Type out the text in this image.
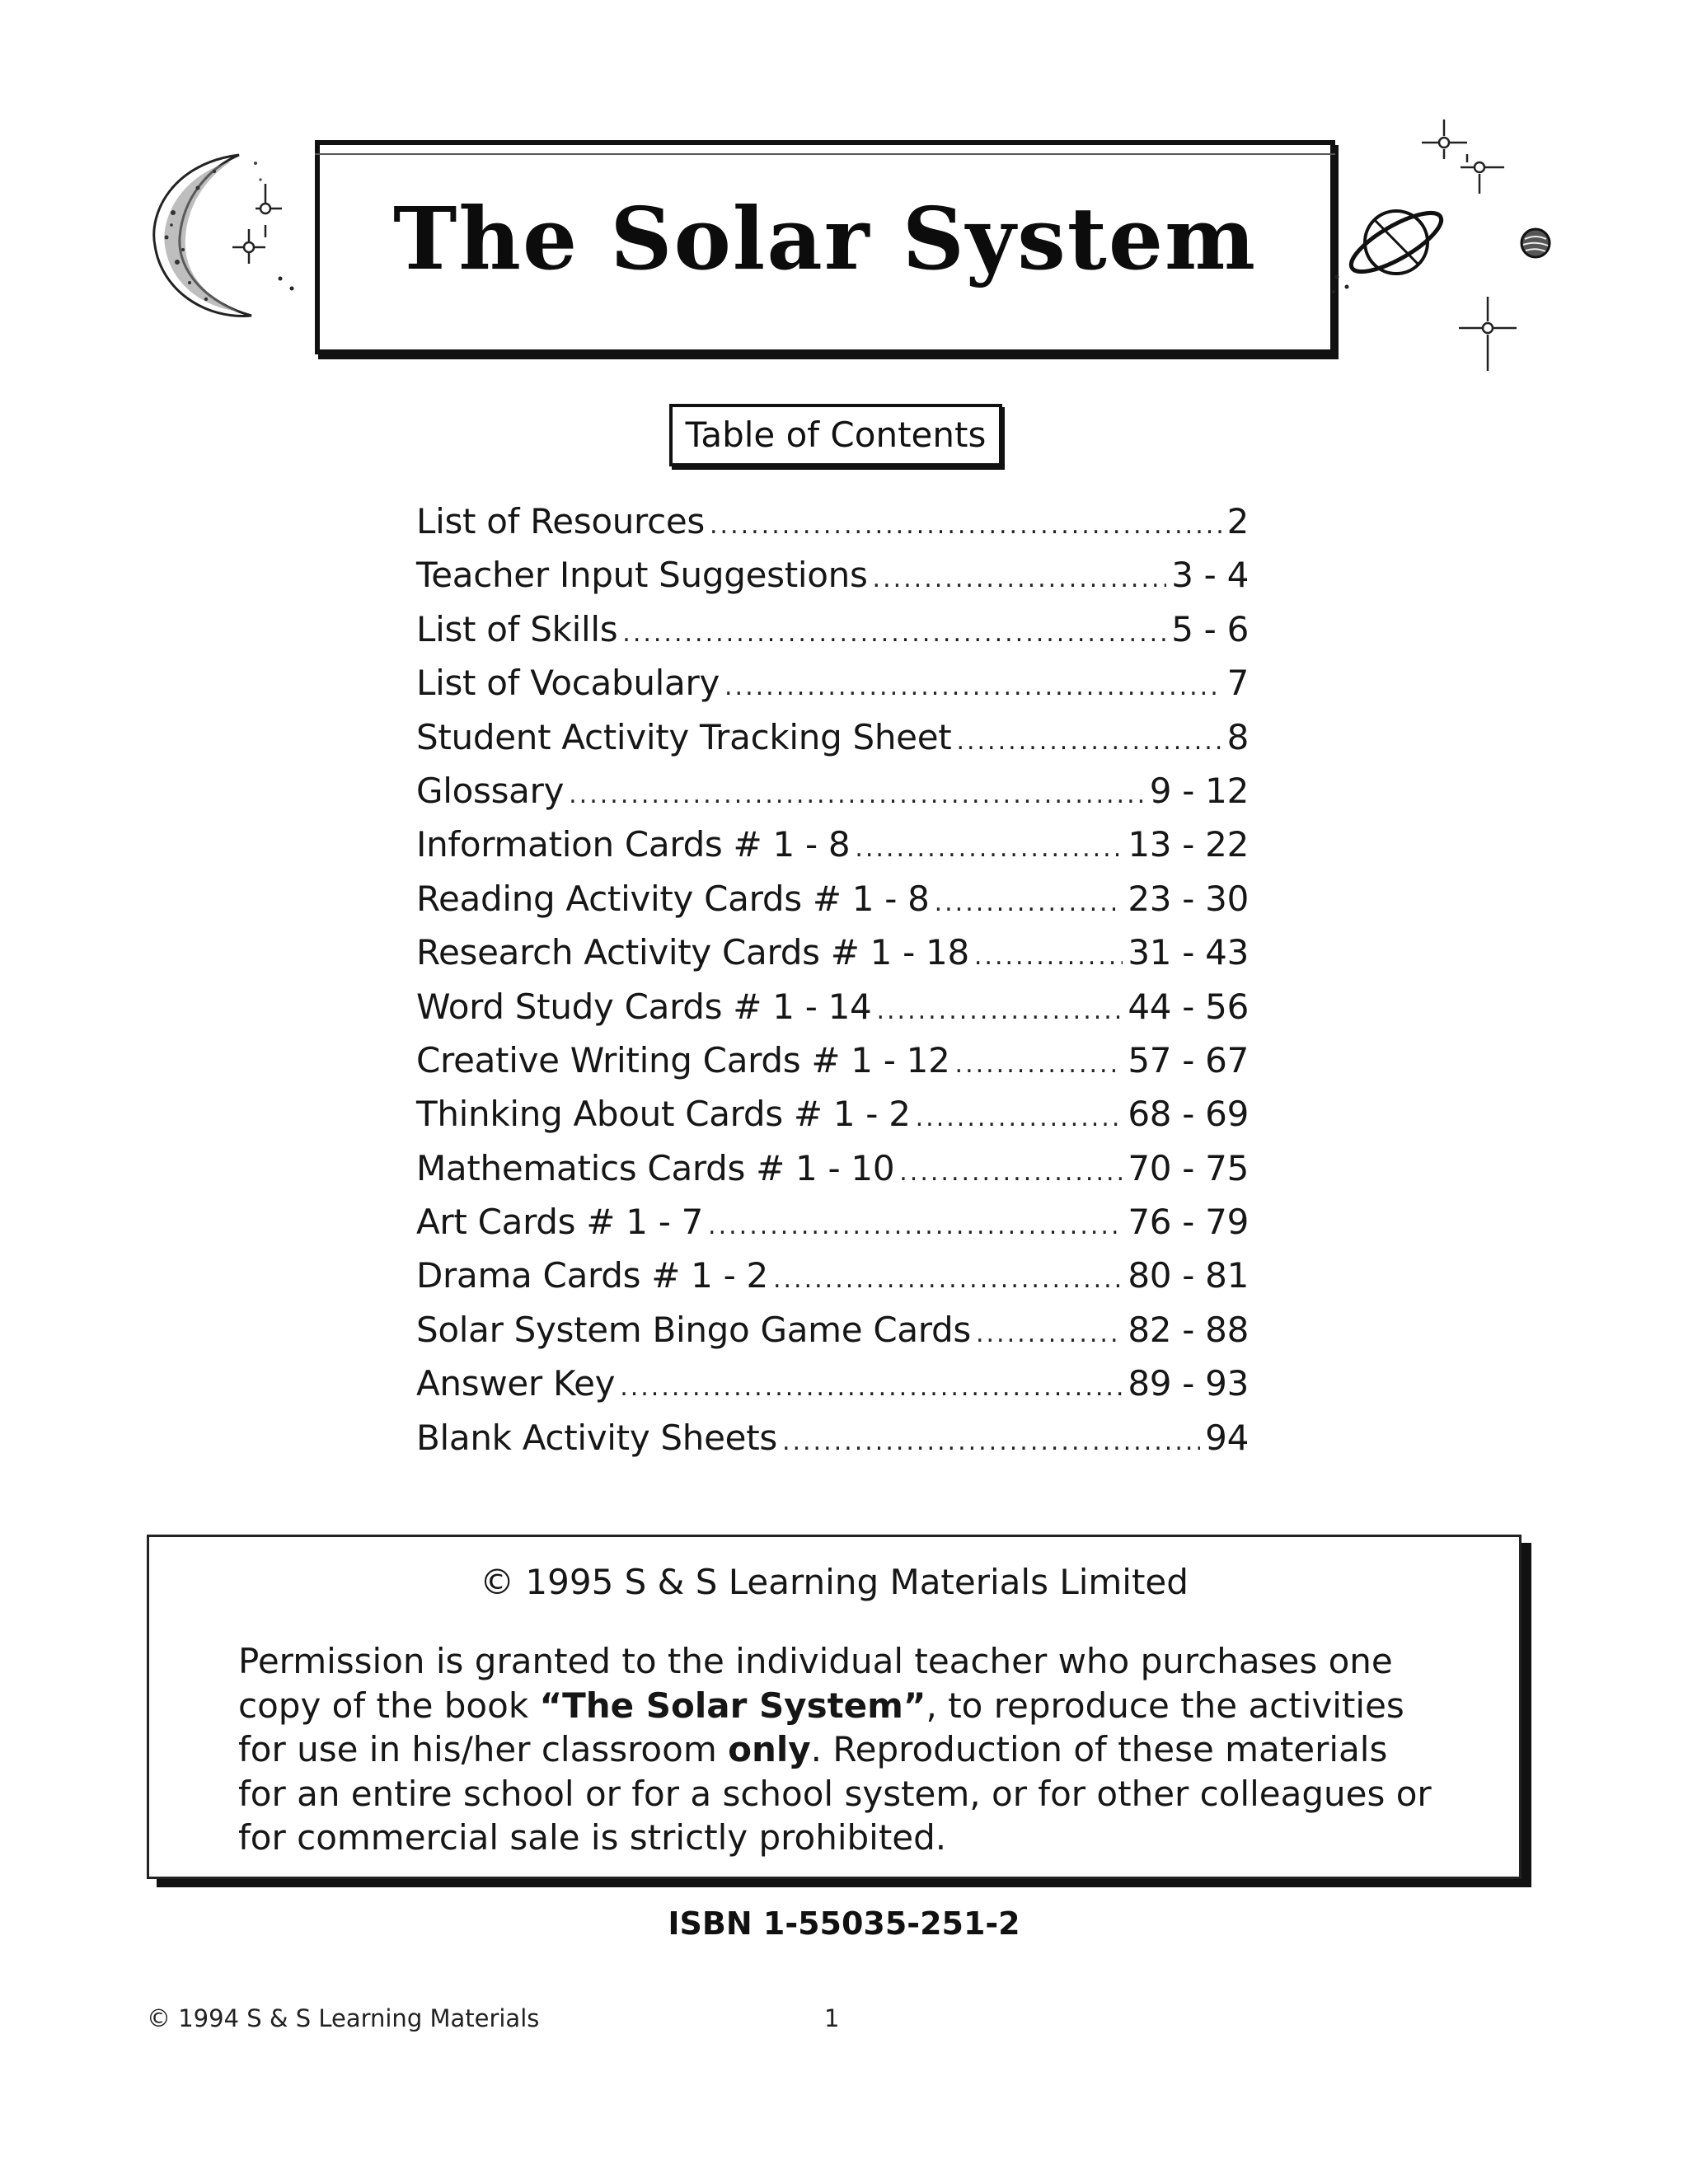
The Solar System
Table of Contents
List of Resources .....	2
Teacher Input Suggestions .....	3 - 4
List of Skills .....	5 - 6
List of Vocabulary .....	7
Student Activity Tracking Sheet .....	8
Glossary .....	9 - 12
Information Cards # 1 - 8 .....	13 - 22
Reading Activity Cards # 1 - 8 .....	23 - 30
Research Activity Cards # 1 - 18 .....	31 - 43
Word Study Cards # 1 - 14 .....	44 - 56
Creative Writing Cards # 1 - 12 .....	57 - 67
Thinking About Cards # 1 - 2 .....	68 - 69
Mathematics Cards # 1 - 10 .....	70 - 75
Art Cards # 1 - 7 .....	76 - 79
Drama Cards # 1 - 2 .....	80 - 81
Solar System Bingo Game Cards .....	82 - 88
Answer Key .....	89 - 93
Blank Activity Sheets .....	94
© 1995 S & S Learning Materials Limited

Permission is granted to the individual teacher who purchases one copy of the book “The Solar System”, to reproduce the activities for use in his/her classroom only. Reproduction of these materials for an entire school or for a school system, or for other colleagues or for commercial sale is strictly prohibited.

ISBN 1-55035-251-2
© 1994 S & S Learning Materials	1
